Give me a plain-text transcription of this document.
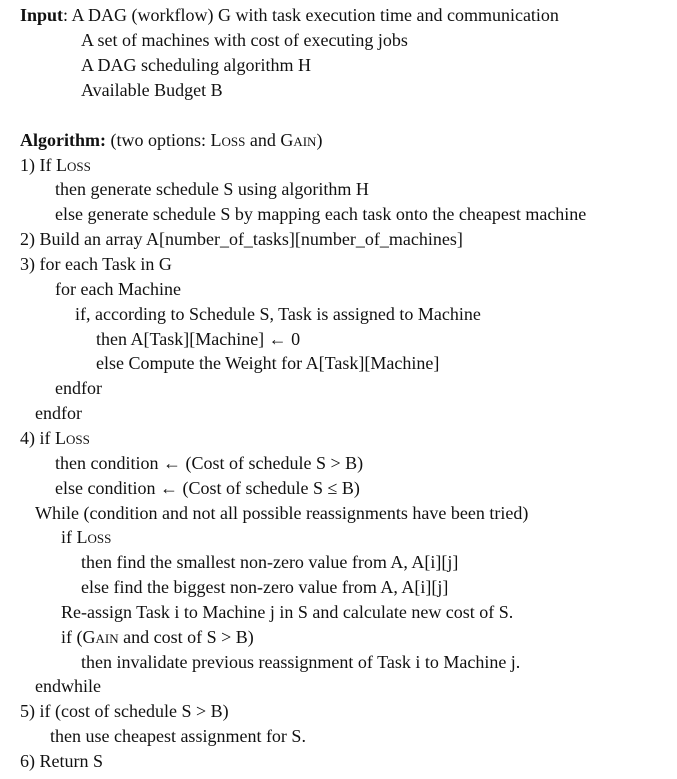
Input: A DAG (workflow) G with task execution time and communication
A set of machines with cost of executing jobs
A DAG scheduling algorithm H
Available Budget B
Algorithm: (two options: Loss and Gain)
1) If Loss
then generate schedule S using algorithm H
else generate schedule S by mapping each task onto the cheapest machine
2) Build an array A[number_of_tasks][number_of_machines]
3) for each Task in G
for each Machine
if, according to Schedule S, Task is assigned to Machine
then A[Task][Machine] ← 0
else Compute the Weight for A[Task][Machine]
endfor
endfor
4) if Loss
then condition ← (Cost of schedule S > B)
else condition ← (Cost of schedule S ≤ B)
While (condition and not all possible reassignments have been tried)
if Loss
then find the smallest non-zero value from A, A[i][j]
else find the biggest non-zero value from A, A[i][j]
Re-assign Task i to Machine j in S and calculate new cost of S.
if (Gain and cost of S > B)
then invalidate previous reassignment of Task i to Machine j.
endwhile
5) if (cost of schedule S > B)
then use cheapest assignment for S.
6) Return S
